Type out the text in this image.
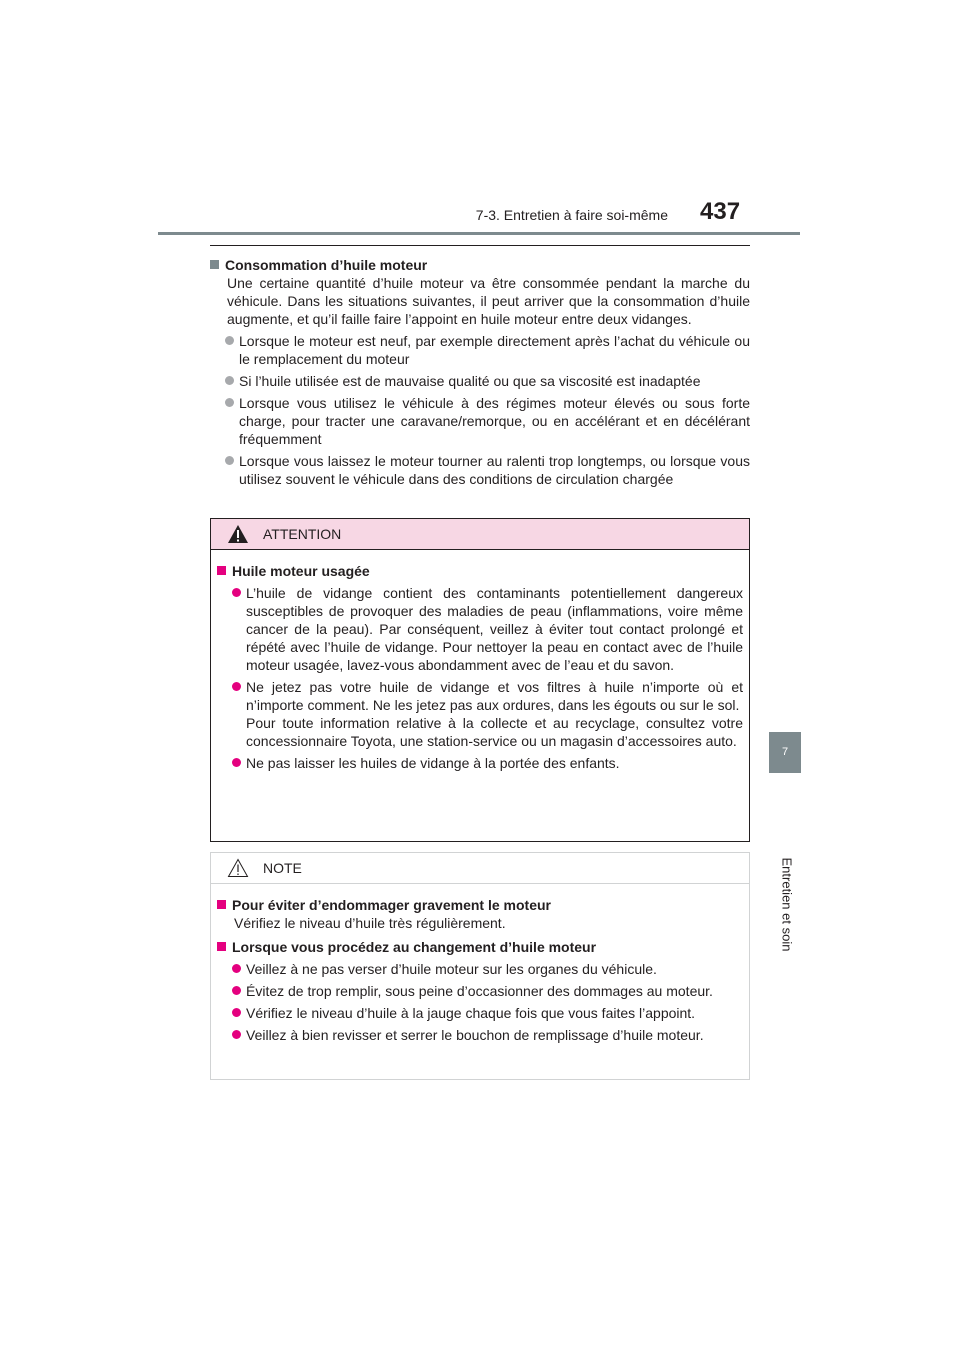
7-3. Entretien à faire soi-même 437
7
Entretien et soin
Consommation d’huile moteur
Une certaine quantité d’huile moteur va être consommée pendant la marche du véhicule. Dans les situations suivantes, il peut arriver que la consommation d’huile augmente, et qu’il faille faire l’appoint en huile moteur entre deux vidanges.
Lorsque le moteur est neuf, par exemple directement après l’achat du véhicule ou le remplacement du moteur
Si l’huile utilisée est de mauvaise qualité ou que sa viscosité est inadaptée
Lorsque vous utilisez le véhicule à des régimes moteur élevés ou sous forte charge, pour tracter une caravane/remorque, ou en accélérant et en décélérant fréquemment
Lorsque vous laissez le moteur tourner au ralenti trop longtemps, ou lorsque vous utilisez souvent le véhicule dans des conditions de circulation chargée
ATTENTION
Huile moteur usagée
L’huile de vidange contient des contaminants potentiellement dangereux susceptibles de provoquer des maladies de peau (inflammations, voire même cancer de la peau). Par conséquent, veillez à éviter tout contact prolongé et répété avec l’huile de vidange. Pour nettoyer la peau en contact avec de l’huile moteur usagée, lavez-vous abondamment avec de l’eau et du savon.
Ne jetez pas votre huile de vidange et vos filtres à huile n’importe où et n’importe comment. Ne les jetez pas aux ordures, dans les égouts ou sur le sol.
Pour toute information relative à la collecte et au recyclage, consultez votre concessionnaire Toyota, une station-service ou un magasin d’accessoires auto.
Ne pas laisser les huiles de vidange à la portée des enfants.
NOTE
Pour éviter d’endommager gravement le moteur
Vérifiez le niveau d’huile très régulièrement.
Lorsque vous procédez au changement d’huile moteur
Veillez à ne pas verser d’huile moteur sur les organes du véhicule.
Évitez de trop remplir, sous peine d’occasionner des dommages au moteur.
Vérifiez le niveau d’huile à la jauge chaque fois que vous faites l’appoint.
Veillez à bien revisser et serrer le bouchon de remplissage d’huile moteur.
